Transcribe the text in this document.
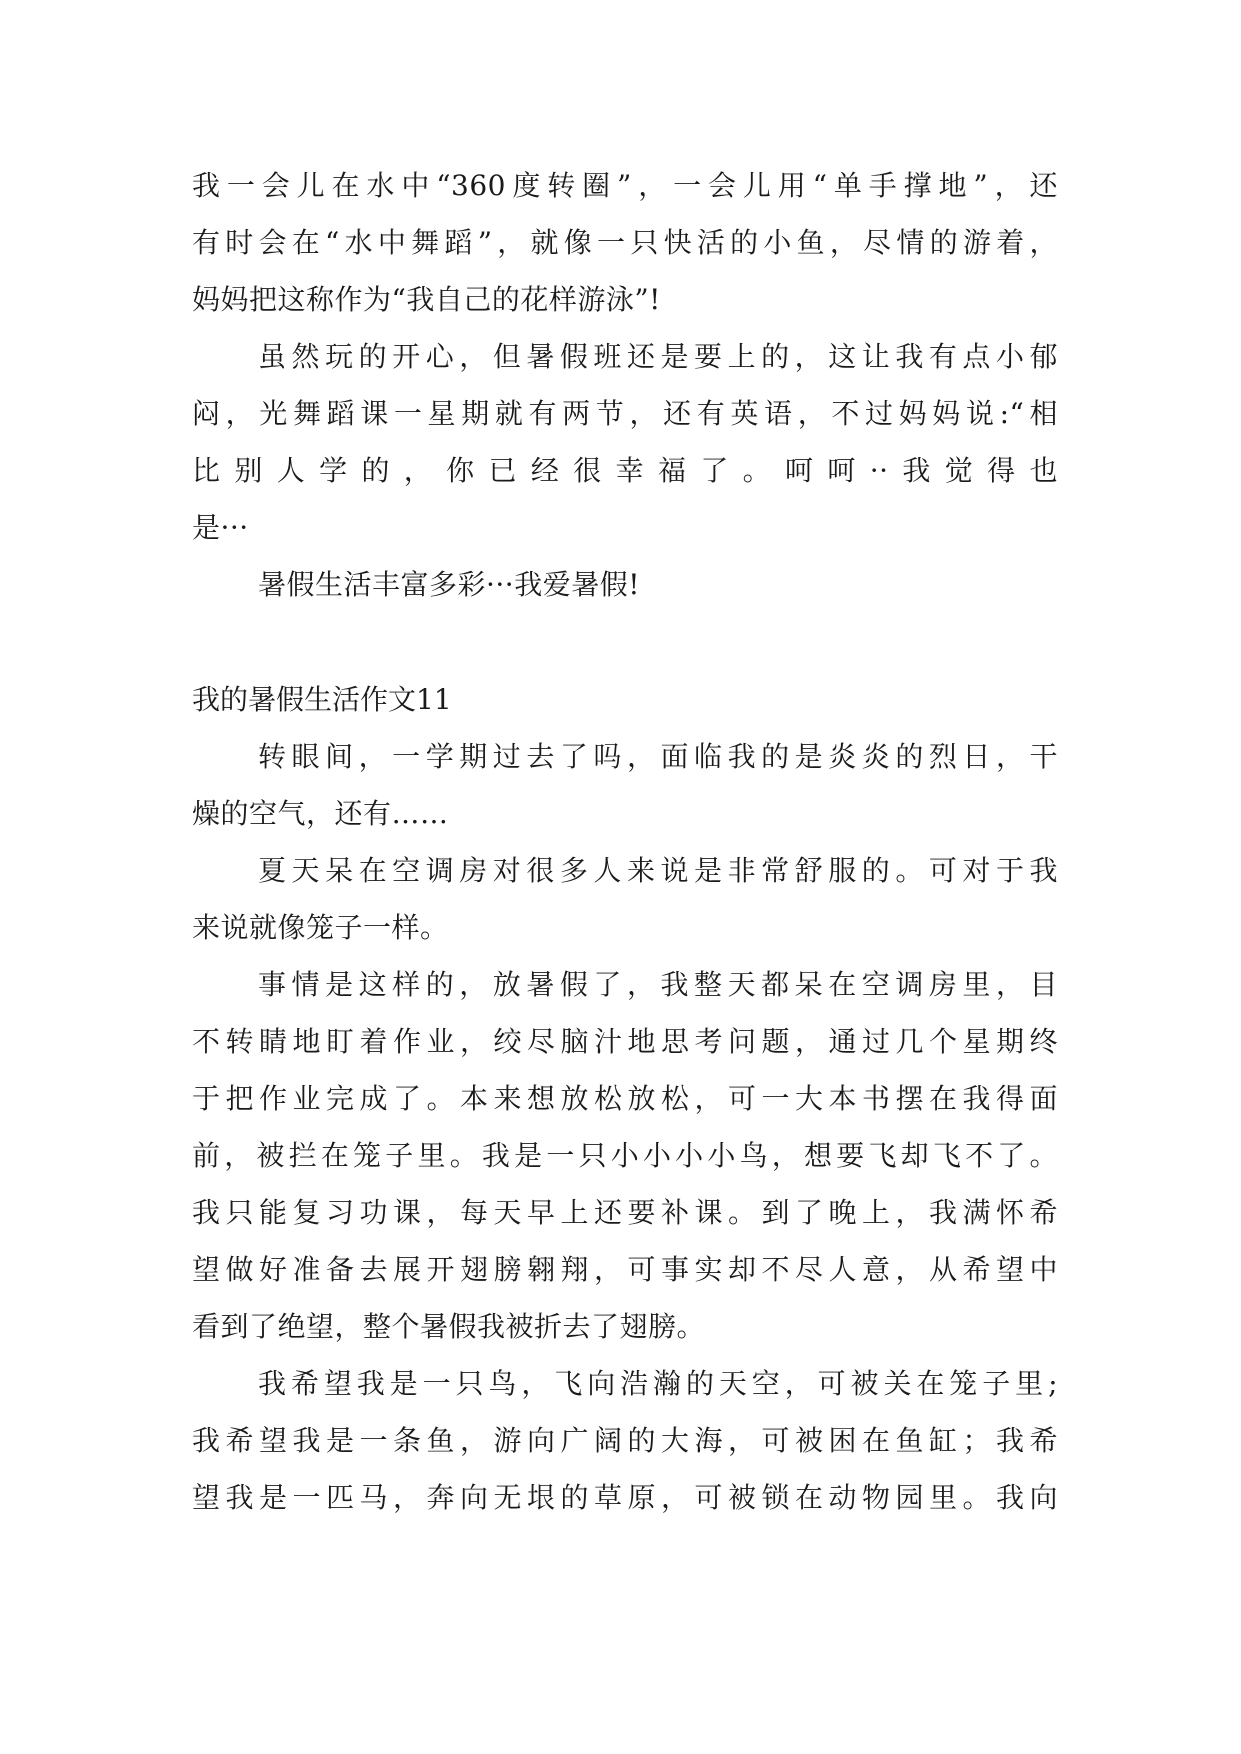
我一会儿在水中“360度转圈”，一会儿用“单手撑地”，还
有时会在“水中舞蹈”，就像一只快活的小鱼，尽情的游着，
妈妈把这称作为“我自己的花样游泳”!
虽然玩的开心，但暑假班还是要上的，这让我有点小郁
闷，光舞蹈课一星期就有两节，还有英语，不过妈妈说:“相
比别人学的，你已经很幸福了。呵呵··我觉得也
是···
暑假生活丰富多彩···我爱暑假!
我的暑假生活作文11
转眼间，一学期过去了吗，面临我的是炎炎的烈日，干
燥的空气，还有……
夏天呆在空调房对很多人来说是非常舒服的。可对于我
来说就像笼子一样。
事情是这样的，放暑假了，我整天都呆在空调房里，目
不转睛地盯着作业，绞尽脑汁地思考问题，通过几个星期终
于把作业完成了。本来想放松放松，可一大本书摆在我得面
前，被拦在笼子里。我是一只小小小小鸟，想要飞却飞不了。
我只能复习功课，每天早上还要补课。到了晚上，我满怀希
望做好准备去展开翅膀翱翔，可事实却不尽人意，从希望中
看到了绝望，整个暑假我被折去了翅膀。
我希望我是一只鸟，飞向浩瀚的天空，可被关在笼子里;
我希望我是一条鱼，游向广阔的大海，可被困在鱼缸；我希
望我是一匹马，奔向无垠的草原，可被锁在动物园里。我向
